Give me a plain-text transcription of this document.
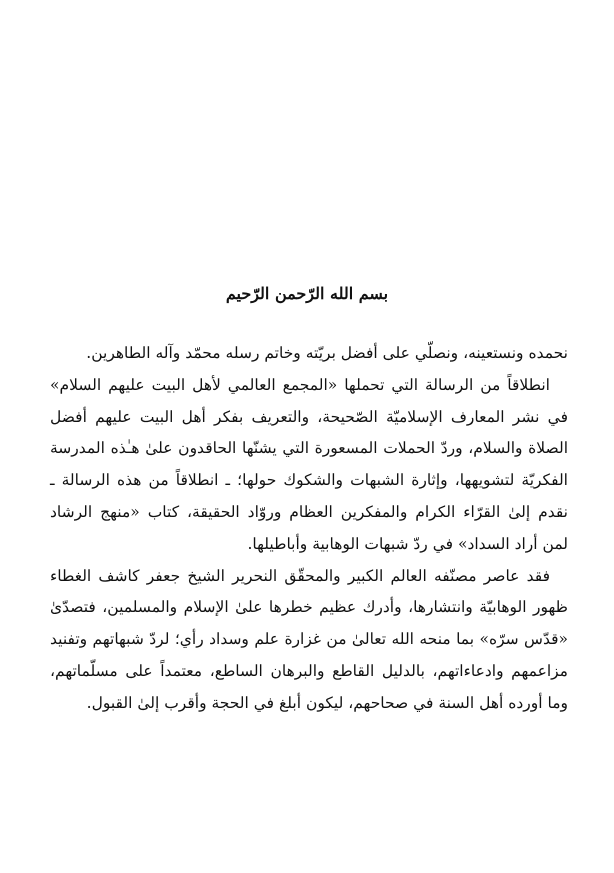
بسم الله الرّحمن الرّحيم

نحمده ونستعينه، ونصلّي على أفضل بريّته وخاتم رسله محمّد وآله الطاهرين.

انطلاقاً من الرسالة التي تحملها «المجمع العالمي لأهل البيت عليهم السلام» في نشر المعارف الإسلاميّة الصّحيحة، والتعريف بفكر أهل البيت عليهم أفضل الصلاة والسلام، وردّ الحملات المسعورة التي يشنّها الحاقدون علىٰ هـٰذه المدرسة الفكريّة لتشويهها، وإثارة الشبهات والشكوك حولها؛ ـ انطلاقاً من هذه الرسالة ـ نقدم إلىٰ القرّاء الكرام والمفكرين العظام وروّاد الحقيقة، كتاب «منهج الرشاد لمن أراد السداد» في ردّ شبهات الوهابية وأباطيلها.

فقد عاصر مصنّفه العالم الكبير والمحقّق النحرير الشيخ جعفر كاشف الغطاء ظهور الوهابيّة وانتشارها، وأدرك عظيم خطرها علىٰ الإسلام والمسلمين، فتصدّىٰ «قدّس سرّه» بما منحه الله تعالىٰ من غزارة علم وسداد رأي؛ لردّ شبهاتهم وتفنيد مزاعمهم وادعاءاتهم، بالدليل القاطع والبرهان الساطع، معتمداً على مسلّماتهم، وما أورده أهل السنة في صحاحهم، ليكون أبلغ في الحجة وأقرب إلىٰ القبول.
